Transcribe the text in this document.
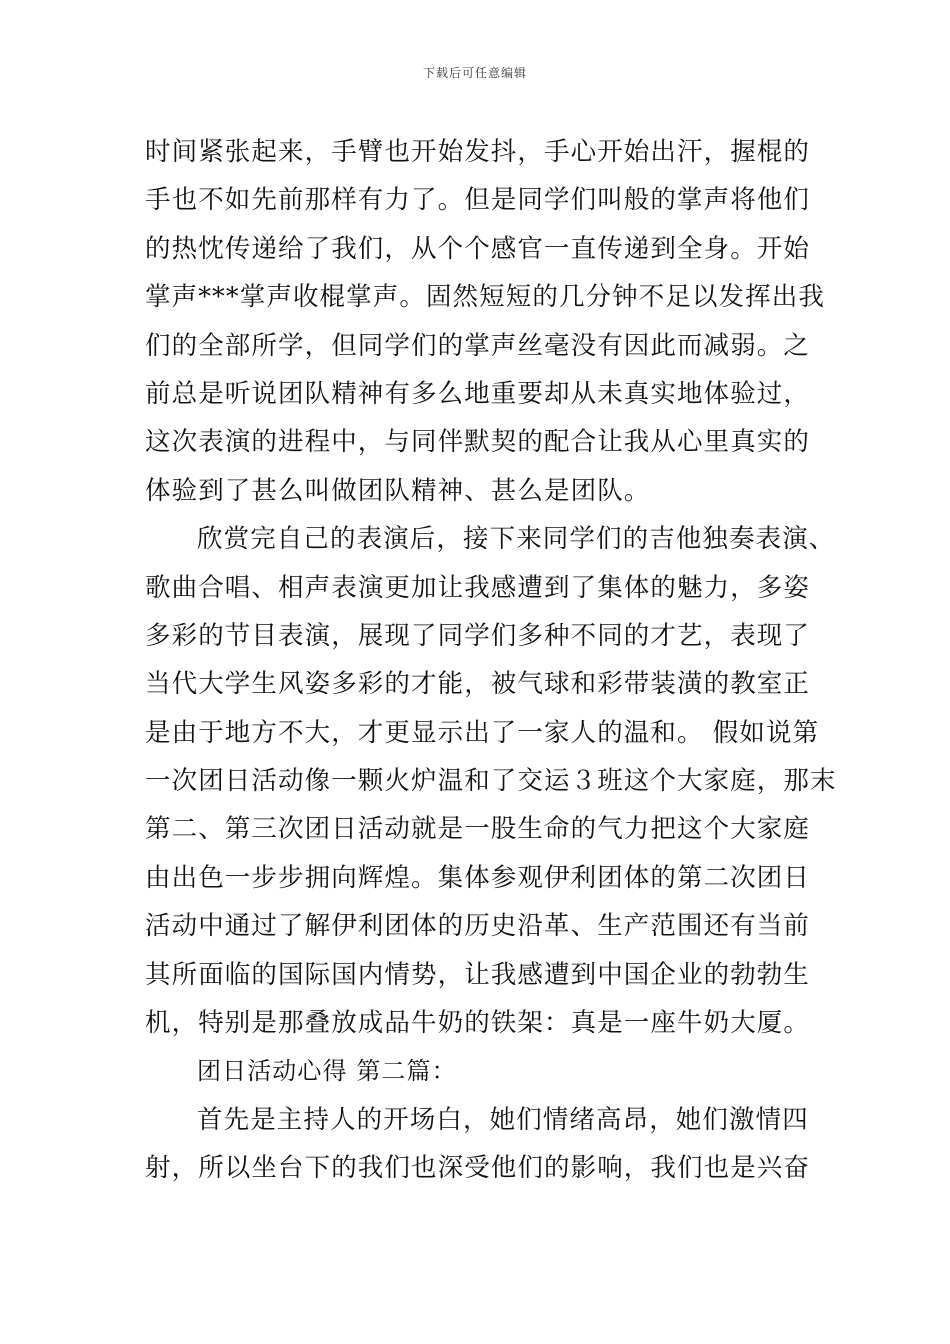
下载后可任意编辑
时间紧张起来，手臂也开始发抖，手心开始出汗，握棍的
手也不如先前那样有力了。但是同学们叫般的掌声将他们
的热忱传递给了我们，从个个感官一直传递到全身。开始
掌声***掌声收棍掌声。固然短短的几分钟不足以发挥出我
们的全部所学，但同学们的掌声丝毫没有因此而减弱。之
前总是听说团队精神有多么地重要却从未真实地体验过，
这次表演的进程中，与同伴默契的配合让我从心里真实的
体验到了甚么叫做团队精神、甚么是团队。
欣赏完自己的表演后，接下来同学们的吉他独奏表演、
歌曲合唱、相声表演更加让我感遭到了集体的魅力，多姿
多彩的节目表演，展现了同学们多种不同的才艺，表现了
当代大学生风姿多彩的才能，被气球和彩带装潢的教室正
是由于地方不大，才更显示出了一家人的温和。 假如说第
一次团日活动像一颗火炉温和了交运３班这个大家庭，那末
第二、第三次团日活动就是一股生命的气力把这个大家庭
由出色一步步拥向辉煌。集体参观伊利团体的第二次团日
活动中通过了解伊利团体的历史沿革、生产范围还有当前
其所面临的国际国内情势，让我感遭到中国企业的勃勃生
机，特别是那叠放成品牛奶的铁架：真是一座牛奶大厦。
团日活动心得 第二篇：
首先是主持人的开场白，她们情绪高昂，她们激情四
射，所以坐台下的我们也深受他们的影响，我们也是兴奋
